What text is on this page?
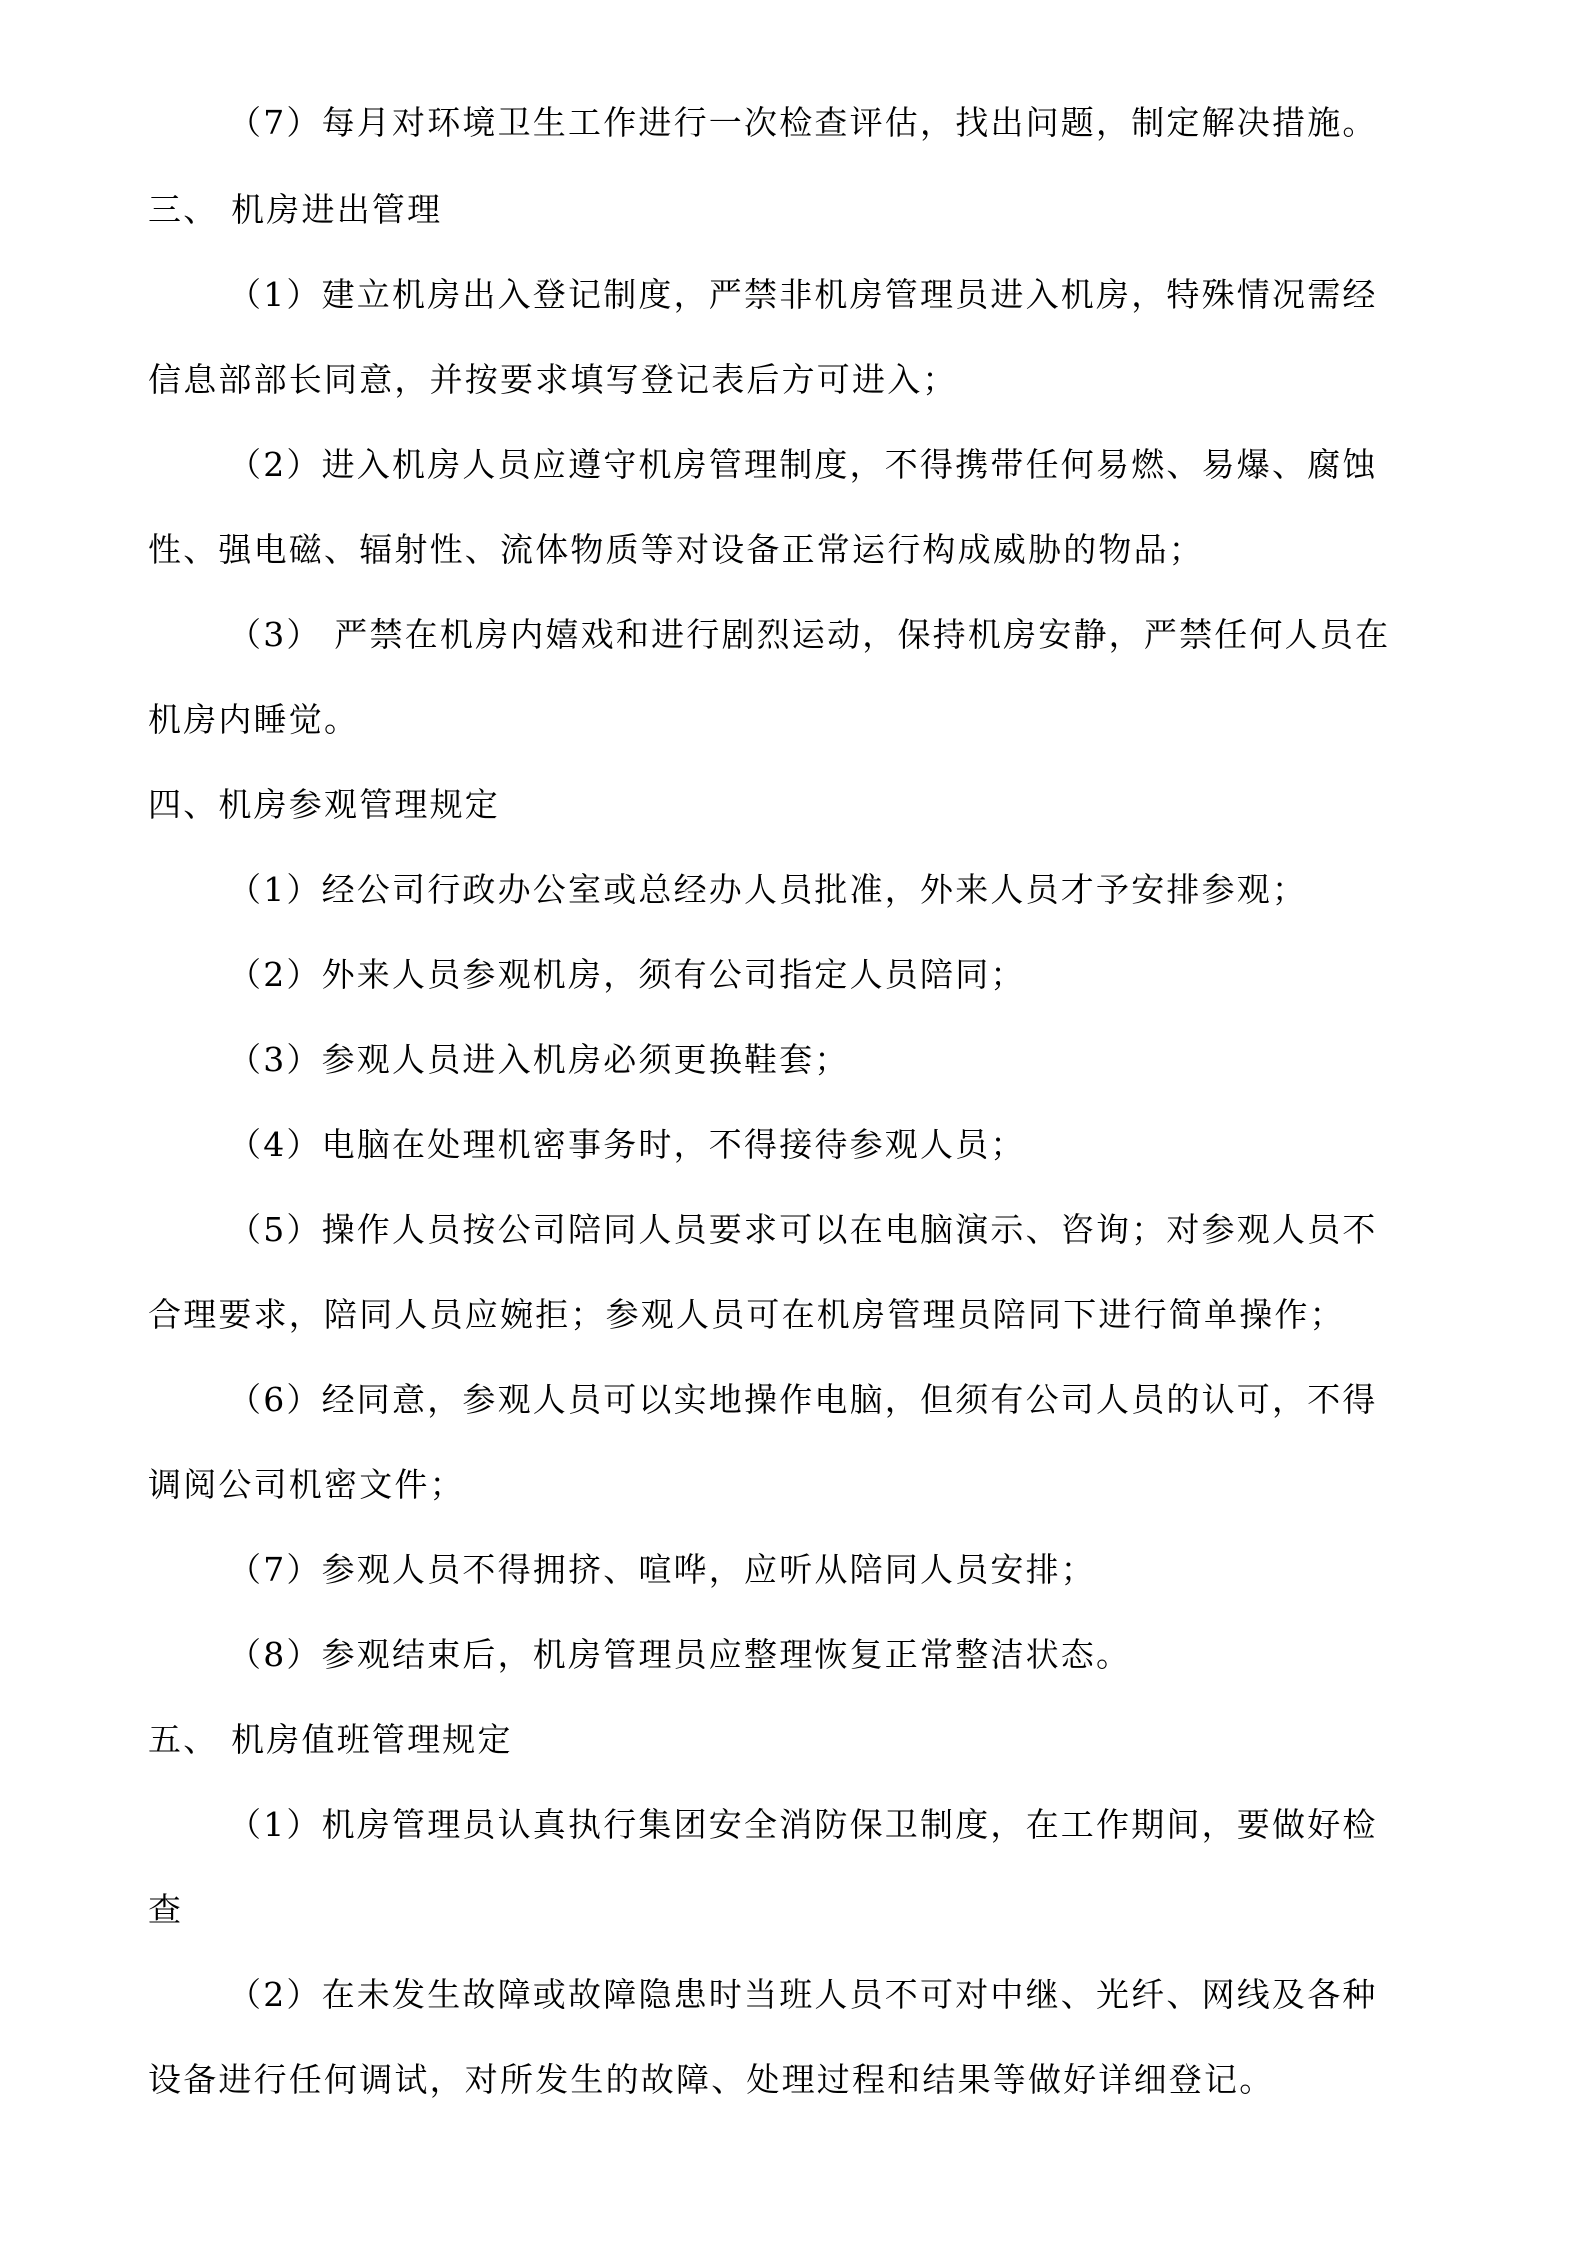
（7）每月对环境卫生工作进行一次检查评估，找出问题，制定解决措施。
三、 机房进出管理
（1）建立机房出入登记制度，严禁非机房管理员进入机房，特殊情况需经
信息部部长同意，并按要求填写登记表后方可进入；
（2）进入机房人员应遵守机房管理制度，不得携带任何易燃、易爆、腐蚀
性、强电磁、辐射性、流体物质等对设备正常运行构成威胁的物品；
（3） 严禁在机房内嬉戏和进行剧烈运动，保持机房安静，严禁任何人员在
机房内睡觉。
四、机房参观管理规定
（1）经公司行政办公室或总经办人员批准，外来人员才予安排参观；
（2）外来人员参观机房，须有公司指定人员陪同；
（3）参观人员进入机房必须更换鞋套；
（4）电脑在处理机密事务时，不得接待参观人员；
（5）操作人员按公司陪同人员要求可以在电脑演示、咨询；对参观人员不
合理要求，陪同人员应婉拒；参观人员可在机房管理员陪同下进行简单操作；
（6）经同意，参观人员可以实地操作电脑，但须有公司人员的认可，不得
调阅公司机密文件；
（7）参观人员不得拥挤、喧哗，应听从陪同人员安排；
（8）参观结束后，机房管理员应整理恢复正常整洁状态。
五、 机房值班管理规定
（1）机房管理员认真执行集团安全消防保卫制度，在工作期间，要做好检
查
（2）在未发生故障或故障隐患时当班人员不可对中继、光纤、网线及各种
设备进行任何调试，对所发生的故障、处理过程和结果等做好详细登记。
